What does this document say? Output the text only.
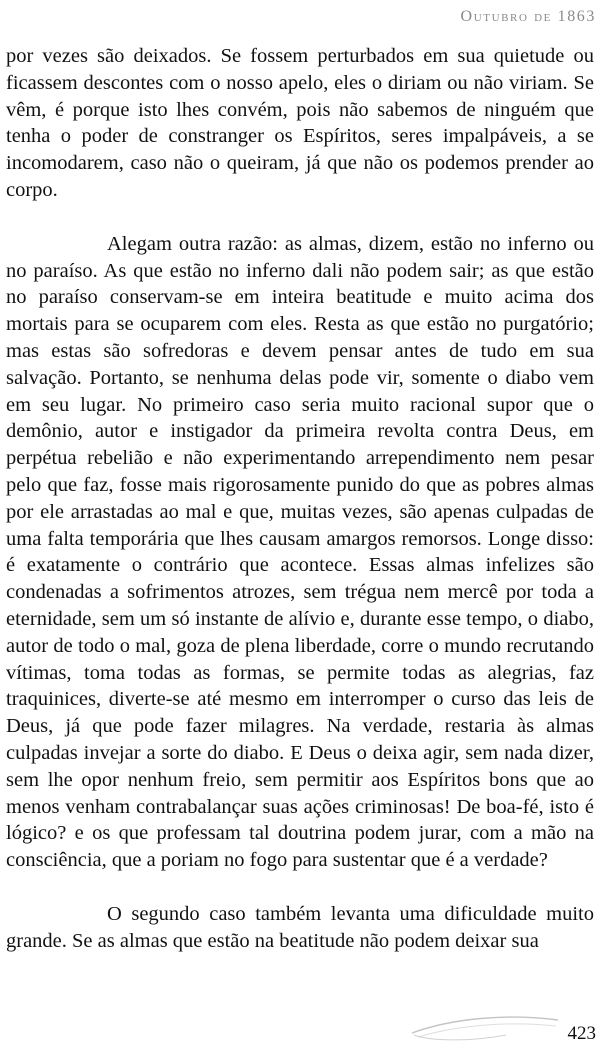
Outubro de 1863

por vezes são deixados. Se fossem perturbados em sua quietude ou ficassem descontes com o nosso apelo, eles o diriam ou não viriam. Se vêm, é porque isto lhes convém, pois não sabemos de ninguém que tenha o poder de constranger os Espíritos, seres impalpáveis, a se incomodarem, caso não o queiram, já que não os podemos prender ao corpo.

Alegam outra razão: as almas, dizem, estão no inferno ou no paraíso. As que estão no inferno dali não podem sair; as que estão no paraíso conservam-se em inteira beatitude e muito acima dos mortais para se ocuparem com eles. Resta as que estão no purgatório; mas estas são sofredoras e devem pensar antes de tudo em sua salvação. Portanto, se nenhuma delas pode vir, somente o diabo vem em seu lugar. No primeiro caso seria muito racional supor que o demônio, autor e instigador da primeira revolta contra Deus, em perpétua rebelião e não experimentando arrependimento nem pesar pelo que faz, fosse mais rigorosamente punido do que as pobres almas por ele arrastadas ao mal e que, muitas vezes, são apenas culpadas de uma falta temporária que lhes causam amargos remorsos. Longe disso: é exatamente o contrário que acontece. Essas almas infelizes são condenadas a sofrimentos atrozes, sem trégua nem mercê por toda a eternidade, sem um só instante de alívio e, durante esse tempo, o diabo, autor de todo o mal, goza de plena liberdade, corre o mundo recrutando vítimas, toma todas as formas, se permite todas as alegrias, faz traquinices, diverte-se até mesmo em interromper o curso das leis de Deus, já que pode fazer milagres. Na verdade, restaria às almas culpadas invejar a sorte do diabo. E Deus o deixa agir, sem nada dizer, sem lhe opor nenhum freio, sem permitir aos Espíritos bons que ao menos venham contrabalançar suas ações criminosas! De boa-fé, isto é lógico? e os que professam tal doutrina podem jurar, com a mão na consciência, que a poriam no fogo para sustentar que é a verdade?

O segundo caso também levanta uma dificuldade muito grande. Se as almas que estão na beatitude não podem deixar sua

423
